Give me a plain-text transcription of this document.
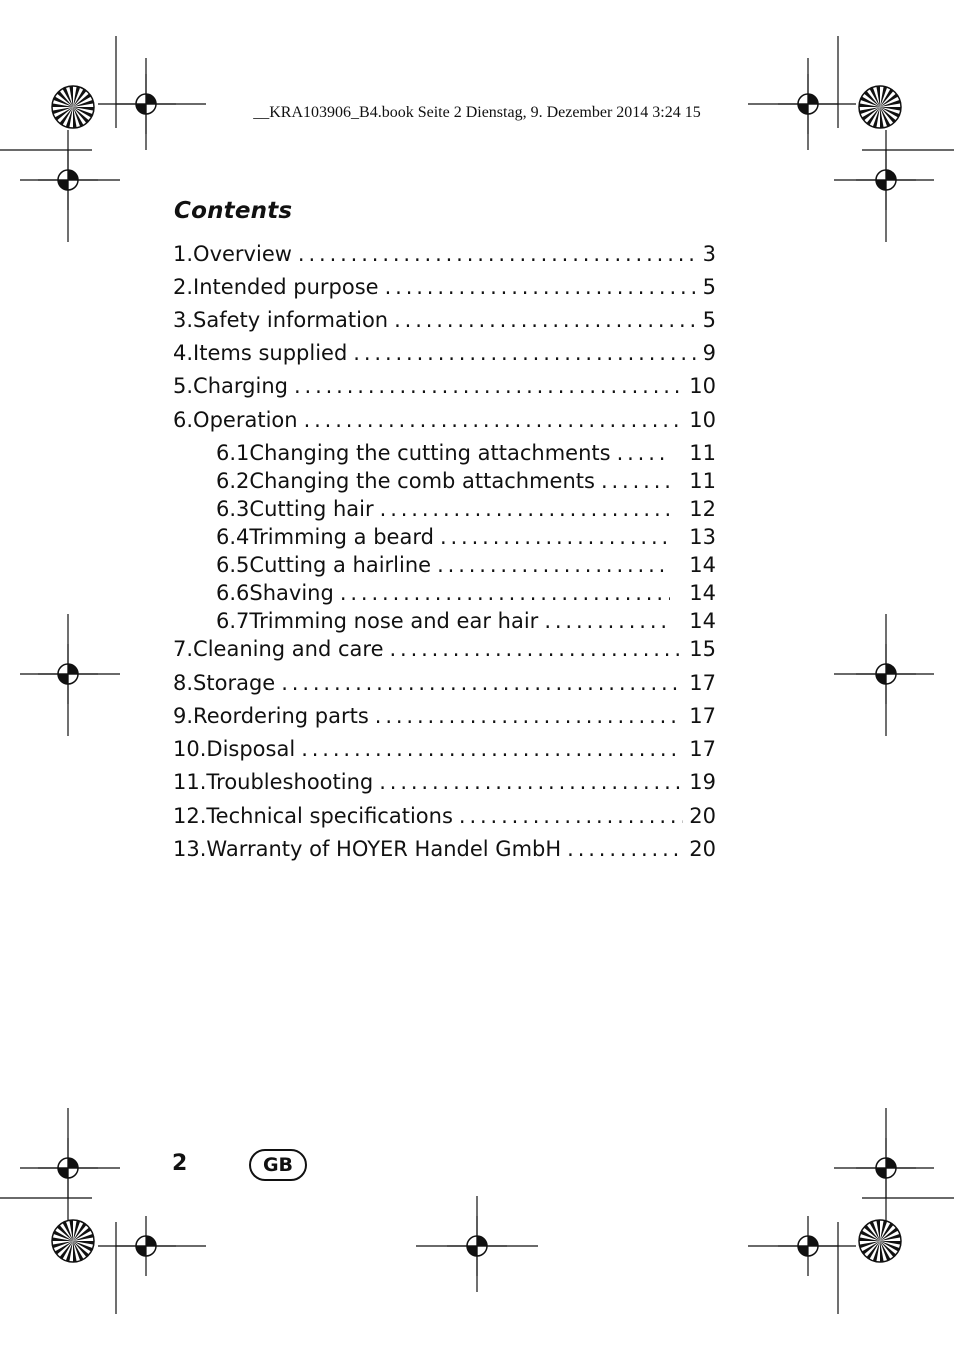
__KRA103906_B4.book Seite 2 Dienstag, 9. Dezember 2014 3:24 15
Contents
1. Overview . . .	3
2. Intended purpose . . .	5
3. Safety information . . .	5
4. Items supplied . . .	9
5. Charging . . .	10
6. Operation . . .	10
6.1 Changing the cutting attachments . . .	11
6.2 Changing the comb attachments . . .	11
6.3 Cutting hair . . .	12
6.4 Trimming a beard . . .	13
6.5 Cutting a hairline . . .	14
6.6 Shaving . . .	14
6.7 Trimming nose and ear hair . . .	14
7. Cleaning and care . . .	15
8. Storage . . .	17
9. Reordering parts . . .	17
10. Disposal . . .	17
11. Troubleshooting . . .	19
12. Technical specifications . . .	20
13. Warranty of HOYER Handel GmbH . . .	20
2	GB
